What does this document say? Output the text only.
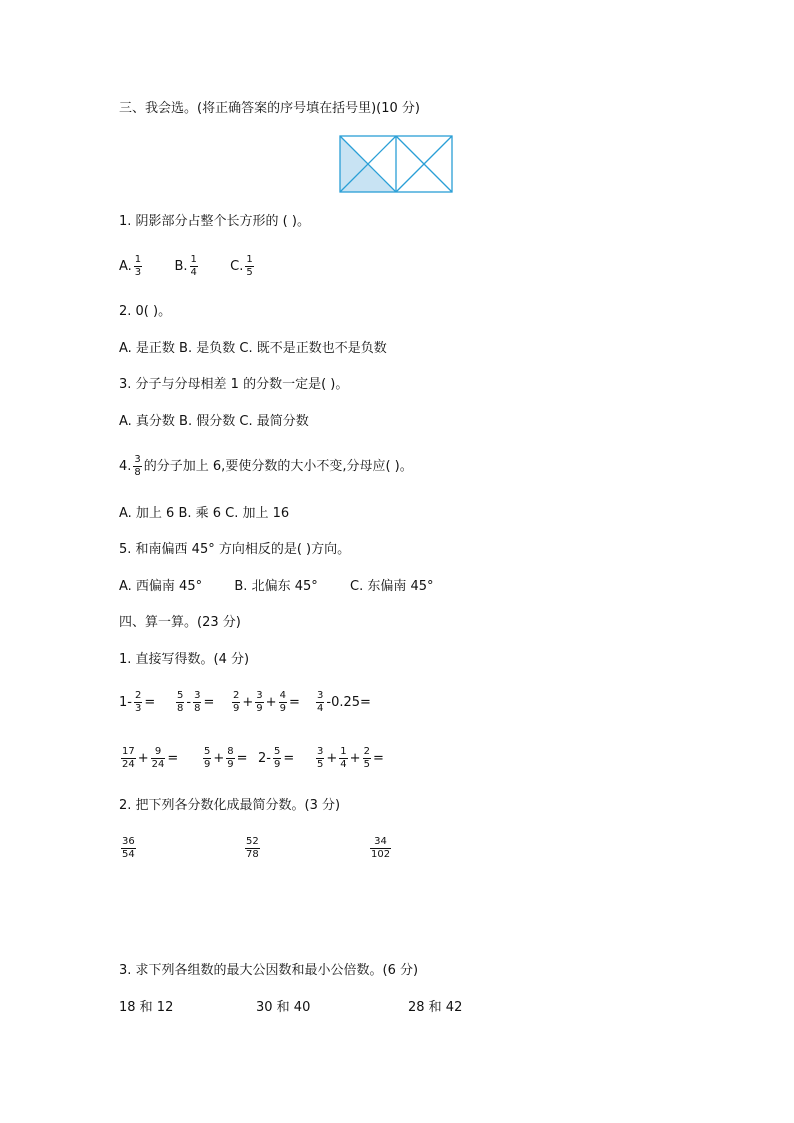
三、我会选。(将正确答案的序号填在括号里)(10 分)
1. 阴影部分占整个长方形的 ( )。
A. $\frac{1}{3} B$. $\frac{1}{4} C$. $\frac{1}{5}$
2. 0( )。
A. 是正数 B. 是负数 C. 既不是正数也不是负数
3. 分子与分母相差 1 的分数一定是( )。
A. 真分数 B. 假分数 C. 最简分数
4. $\frac{3}{8}$ 的分子加上 6,要使分数的大小不变,分母应( )。
A. 加上 6 B. 乘 6 C. 加上 16
5. 和南偏西 45° 方向相反的是( )方向。
A. 西偏南 45° B. 北偏东 45° C. 东偏南 45°
四、算一算。(23 分)
1. 直接写得数。(4 分)
$1- \frac{2}{3} = \frac{5}{8} - \frac{3}{8} = \frac{2}{9} + \frac{3}{9} + \frac{4}{9} = \frac{3}{4} -0.25=$
$\frac{17}{24} + \frac{9}{24} = \frac{5}{9} + \frac{8}{9} = 2- \frac{5}{9} = \frac{3}{5} + \frac{1}{4} + \frac{2}{5}$ =
2. 把下列各分数化成最简分数。(3 分)
$\frac{36}{54}$	$\frac{52}{78}$	$\frac{34}{102}$
3. 求下列各组数的最大公因数和最小公倍数。(6 分)
18 和 12	30 和 40	28 和 42
